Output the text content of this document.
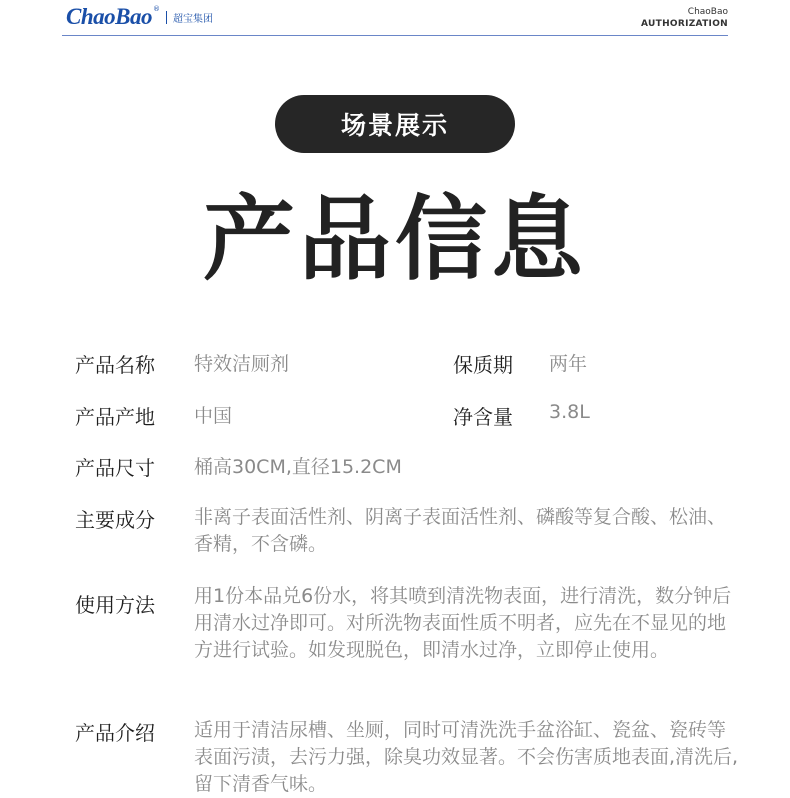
ChaoBao ®
超宝集团
ChaoBao
AUTHORIZATION
场景展示
产品信息
产品名称 特效洁厕剂	保质期 两年
产品产地 中国	净含量 3.8L
产品尺寸 桶高30CM,直径15.2CM
主要成分 非离子表面活性剂、阴离子表面活性剂、磷酸等复合酸、松油、香精，不含磷。
使用方法 用1份本品兑6份水，将其喷到清洗物表面，进行清洗，数分钟后用清水过净即可。对所洗物表面性质不明者，应先在不显见的地方进行试验。如发现脱色，即清水过净，立即停止使用。
产品介绍 适用于清洁尿槽、坐厕，同时可清洗洗手盆浴缸、瓷盆、瓷砖等表面污渍，去污力强，除臭功效显著。不会伤害质地表面,清洗后,留下清香气味。
